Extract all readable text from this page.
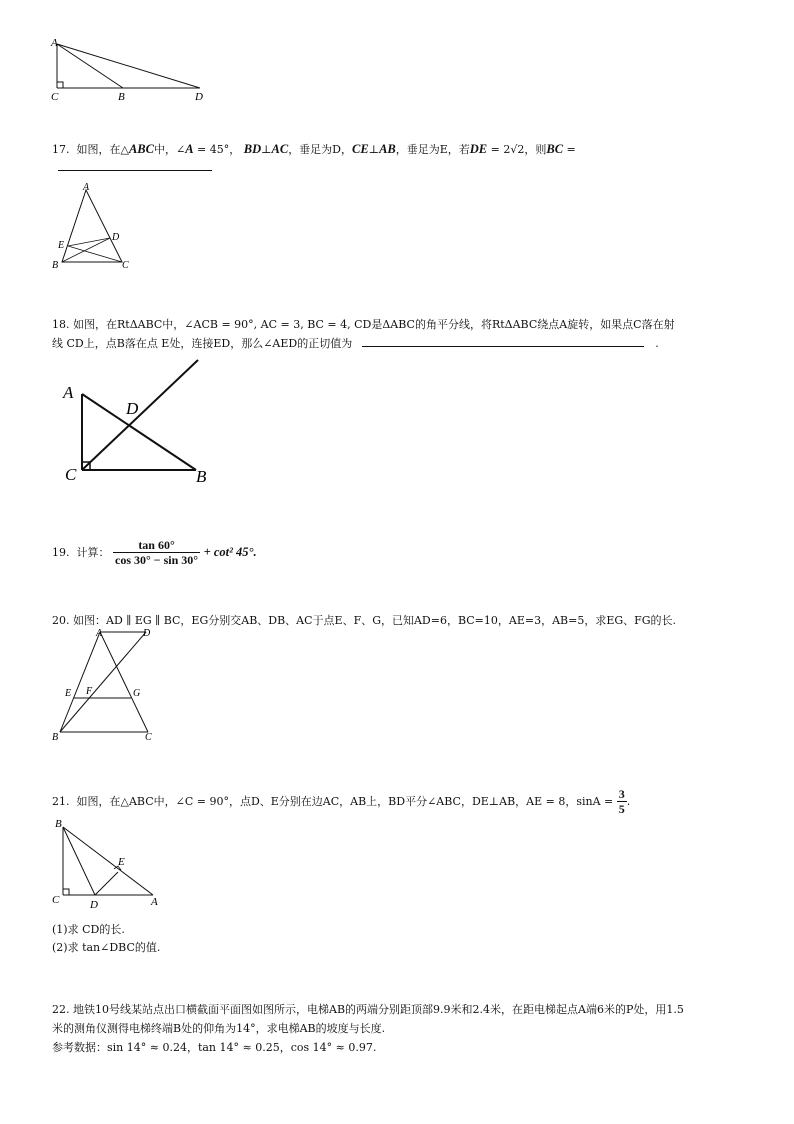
A
C	B	D
17. 如图，在△ABC中，∠A = 45°， BD⊥AC，垂足为D，CE⊥AB，垂足为E，若DE = 2√2，则BC =
A
E
D
B	C
18. 如图，在RtΔABC中，∠ACB = 90°, AC = 3, BC = 4, CD是ΔABC的角平分线，将RtΔABC绕点A旋转，如果点C落在射
线 CD上，点B落在点 E处，连接ED，那么∠AED的正切值为	.
A
D
C	B
19. 计算： $\frac{\tan 60^\circ}{\cos 30^\circ - \sin 30^\circ} + \cot^2$ 45°.
20. 如图：AD ∥ EG ∥ BC，EG分别交AB、DB、AC于点E、F、G，已知AD=6，BC=10，AE=3，AB=5，求EG、FG的长.
A	D
E F	G
B	C
21. 如图，在△ABC中，∠C = 90°，点D、E分别在边AC，AB上，BD平分∠ABC，DE⊥AB，AE = 8，$\sin A = \frac{3}{5}$ .
B
E
C	D	A
(1)求 CD的长.
(2)求 tan∠DBC的值.
22. 地铁10号线某站点出口横截面平面图如图所示，电梯AB的两端分别距顶部9.9米和2.4米，在距电梯起点A端6米的P处，用1.5
米的测角仪测得电梯终端B处的仰角为14°，求电梯AB的坡度与长度.
参考数据：sin 14° ≈ 0.24，tan 14° ≈ 0.25，cos 14° ≈ 0.97.
